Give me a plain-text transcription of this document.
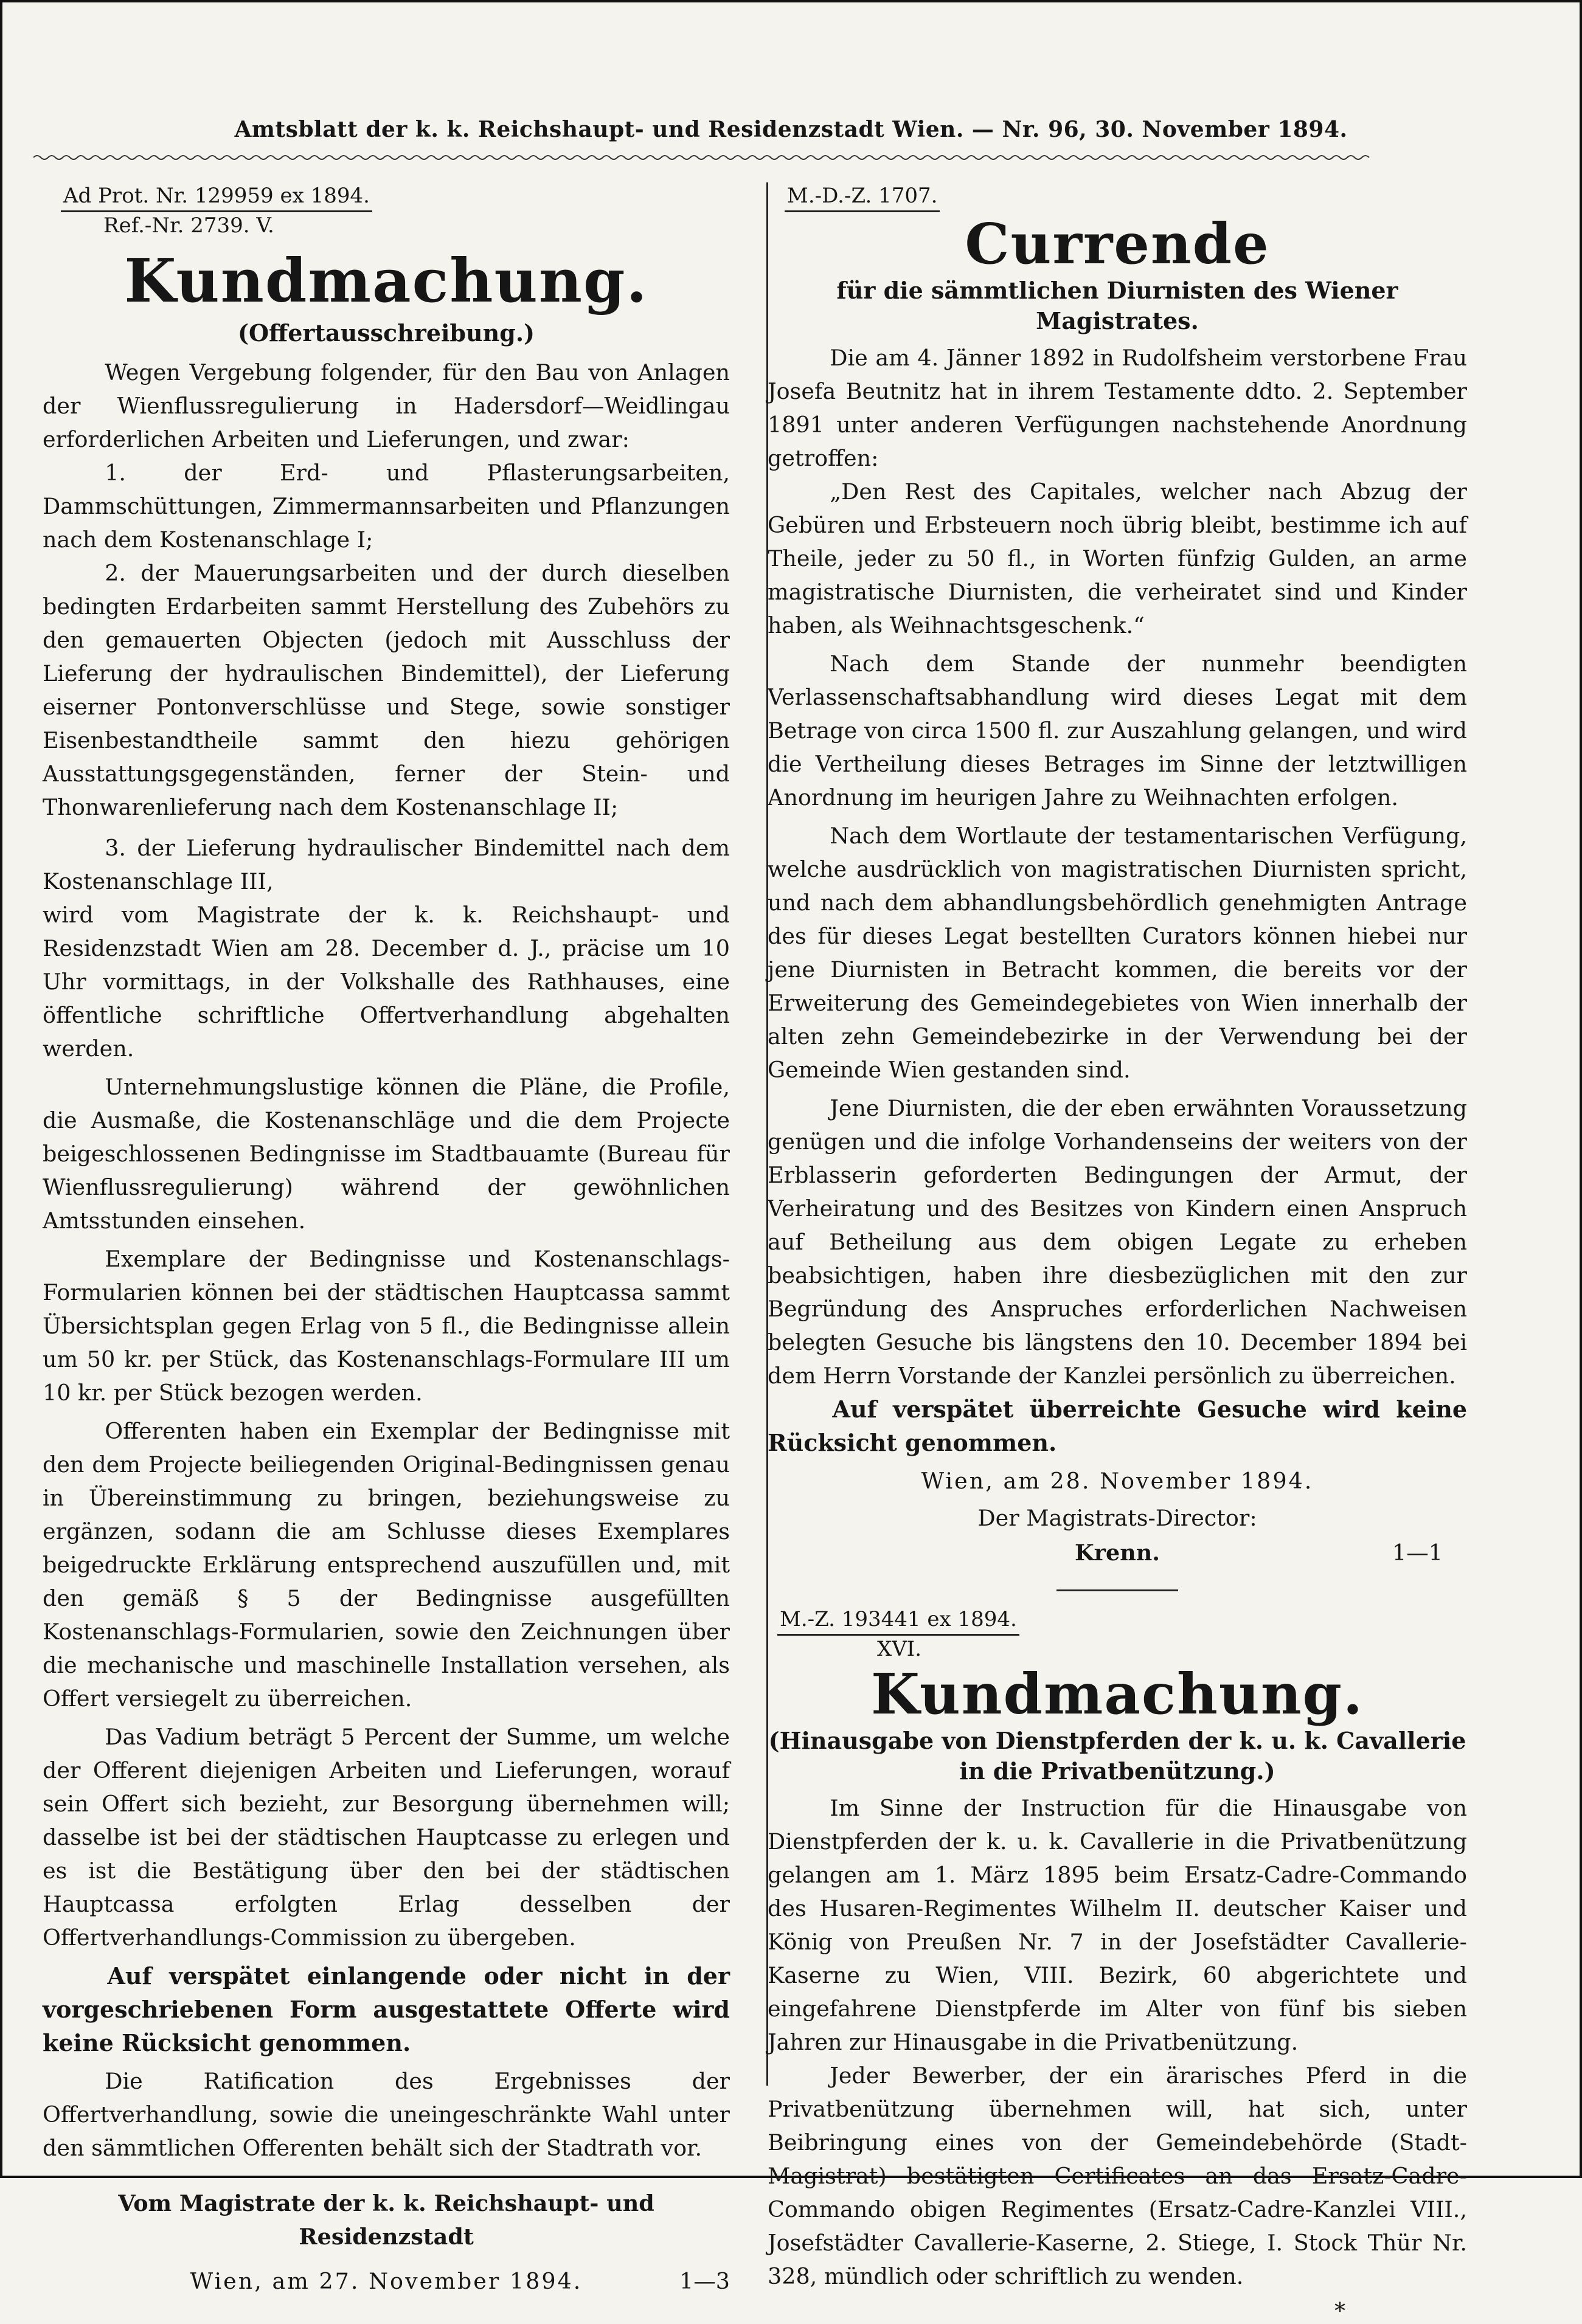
Amtsblatt der k. k. Reichshaupt- und Residenzstadt Wien. — Nr. 96, 30. November 1894.
Ad Prot. Nr. 129959 ex 1894.
Ref.-Nr. 2739. V.
Kundmachung.
(Offertausschreibung.)

Wegen Vergebung folgender, für den Bau von Anlagen der Wienflussregulierung in Hadersdorf—Weidlingau erforderlichen Arbeiten und Lieferungen, und zwar:

1. der Erd- und Pflasterungsarbeiten, Dammschüttungen, Zimmermannsarbeiten und Pflanzungen nach dem Kostenanschlage I;

2. der Mauerungsarbeiten und der durch dieselben bedingten Erdarbeiten sammt Herstellung des Zubehörs zu den gemauerten Objecten (jedoch mit Ausschluss der Lieferung der hydraulischen Bindemittel), der Lieferung eiserner Pontonverschlüsse und Stege, sowie sonstiger Eisenbestandtheile sammt den hiezu gehörigen Ausstattungsgegenständen, ferner der Stein- und Thonwarenlieferung nach dem Kostenanschlage II;

3. der Lieferung hydraulischer Bindemittel nach dem Kostenanschlage III,

wird vom Magistrate der k. k. Reichshaupt- und Residenzstadt Wien am 28. December d. J., präcise um 10 Uhr vormittags, in der Volkshalle des Rathhauses, eine öffentliche schriftliche Offertverhandlung abgehalten werden.

Unternehmungslustige können die Pläne, die Profile, die Ausmaße, die Kostenanschläge und die dem Projecte beigeschlossenen Bedingnisse im Stadtbauamte (Bureau für Wienflussregulierung) während der gewöhnlichen Amtsstunden einsehen.

Exemplare der Bedingnisse und Kostenanschlags-Formularien können bei der städtischen Hauptcassa sammt Übersichtsplan gegen Erlag von 5 fl., die Bedingnisse allein um 50 kr. per Stück, das Kostenanschlags-Formulare III um 10 kr. per Stück bezogen werden.

Offerenten haben ein Exemplar der Bedingnisse mit den dem Projecte beiliegenden Original-Bedingnissen genau in Übereinstimmung zu bringen, beziehungsweise zu ergänzen, sodann die am Schlusse dieses Exemplares beigedruckte Erklärung entsprechend auszufüllen und, mit den gemäß § 5 der Bedingnisse ausgefüllten Kostenanschlags-Formularien, sowie den Zeichnungen über die mechanische und maschinelle Installation versehen, als Offert versiegelt zu überreichen.

Das Vadium beträgt 5 Percent der Summe, um welche der Offerent diejenigen Arbeiten und Lieferungen, worauf sein Offert sich bezieht, zur Besorgung übernehmen will; dasselbe ist bei der städtischen Hauptcasse zu erlegen und es ist die Bestätigung über den bei der städtischen Hauptcassa erfolgten Erlag desselben der Offertverhandlungs-Commission zu übergeben.

Auf verspätet einlangende oder nicht in der vorgeschriebenen Form ausgestattete Offerte wird keine Rücksicht genommen.

Die Ratification des Ergebnisses der Offertverhandlung, sowie die uneingeschränkte Wahl unter den sämmtlichen Offerenten behält sich der Stadtrath vor.

Vom Magistrate der k. k. Reichshaupt- und Residenzstadt
Wien, am 27. November 1894.	1—3
M.-D.-Z. 1707.
Currende
für die sämmtlichen Diurnisten des Wiener Magistrates.

Die am 4. Jänner 1892 in Rudolfsheim verstorbene Frau Josefa Beutnitz hat in ihrem Testamente ddto. 2. September 1891 unter anderen Verfügungen nachstehende Anordnung getroffen:

„Den Rest des Capitales, welcher nach Abzug der Gebüren und Erbsteuern noch übrig bleibt, bestimme ich auf Theile, jeder zu 50 fl., in Worten fünfzig Gulden, an arme magistratische Diurnisten, die verheiratet sind und Kinder haben, als Weihnachtsgeschenk.“

Nach dem Stande der nunmehr beendigten Verlassenschaftsabhandlung wird dieses Legat mit dem Betrage von circa 1500 fl. zur Auszahlung gelangen, und wird die Vertheilung dieses Betrages im Sinne der letztwilligen Anordnung im heurigen Jahre zu Weihnachten erfolgen.

Nach dem Wortlaute der testamentarischen Verfügung, welche ausdrücklich von magistratischen Diurnisten spricht, und nach dem abhandlungsbehördlich genehmigten Antrage des für dieses Legat bestellten Curators können hiebei nur jene Diurnisten in Betracht kommen, die bereits vor der Erweiterung des Gemeindegebietes von Wien innerhalb der alten zehn Gemeindebezirke in der Verwendung bei der Gemeinde Wien gestanden sind.

Jene Diurnisten, die der eben erwähnten Voraussetzung genügen und die infolge Vorhandenseins der weiters von der Erblasserin geforderten Bedingungen der Armut, der Verheiratung und des Besitzes von Kindern einen Anspruch auf Betheilung aus dem obigen Legate zu erheben beabsichtigen, haben ihre diesbezüglichen mit den zur Begründung des Anspruches erforderlichen Nachweisen belegten Gesuche bis längstens den 10. December 1894 bei dem Herrn Vorstande der Kanzlei persönlich zu überreichen.

Auf verspätet überreichte Gesuche wird keine Rücksicht genommen.

Wien, am 28. November 1894.
Der Magistrats-Director:
Krenn.	1—1
M.-Z. 193441 ex 1894.
XVI.
Kundmachung.
(Hinausgabe von Dienstpferden der k. u. k. Cavallerie in die Privatbenützung.)

Im Sinne der Instruction für die Hinausgabe von Dienstpferden der k. u. k. Cavallerie in die Privatbenützung gelangen am 1. März 1895 beim Ersatz-Cadre-Commando des Husaren-Regimentes Wilhelm II. deutscher Kaiser und König von Preußen Nr. 7 in der Josefstädter Cavallerie-Kaserne zu Wien, VIII. Bezirk, 60 abgerichtete und eingefahrene Dienstpferde im Alter von fünf bis sieben Jahren zur Hinausgabe in die Privatbenützung.

Jeder Bewerber, der ein ärarisches Pferd in die Privatbenützung übernehmen will, hat sich, unter Beibringung eines von der Gemeindebehörde (Stadt-Magistrat) bestätigten Certificates an das Ersatz-Cadre-Commando obigen Regimentes (Ersatz-Cadre-Kanzlei VIII., Josefstädter Cavallerie-Kaserne, 2. Stiege, I. Stock Thür Nr. 328, mündlich oder schriftlich zu wenden.

*
